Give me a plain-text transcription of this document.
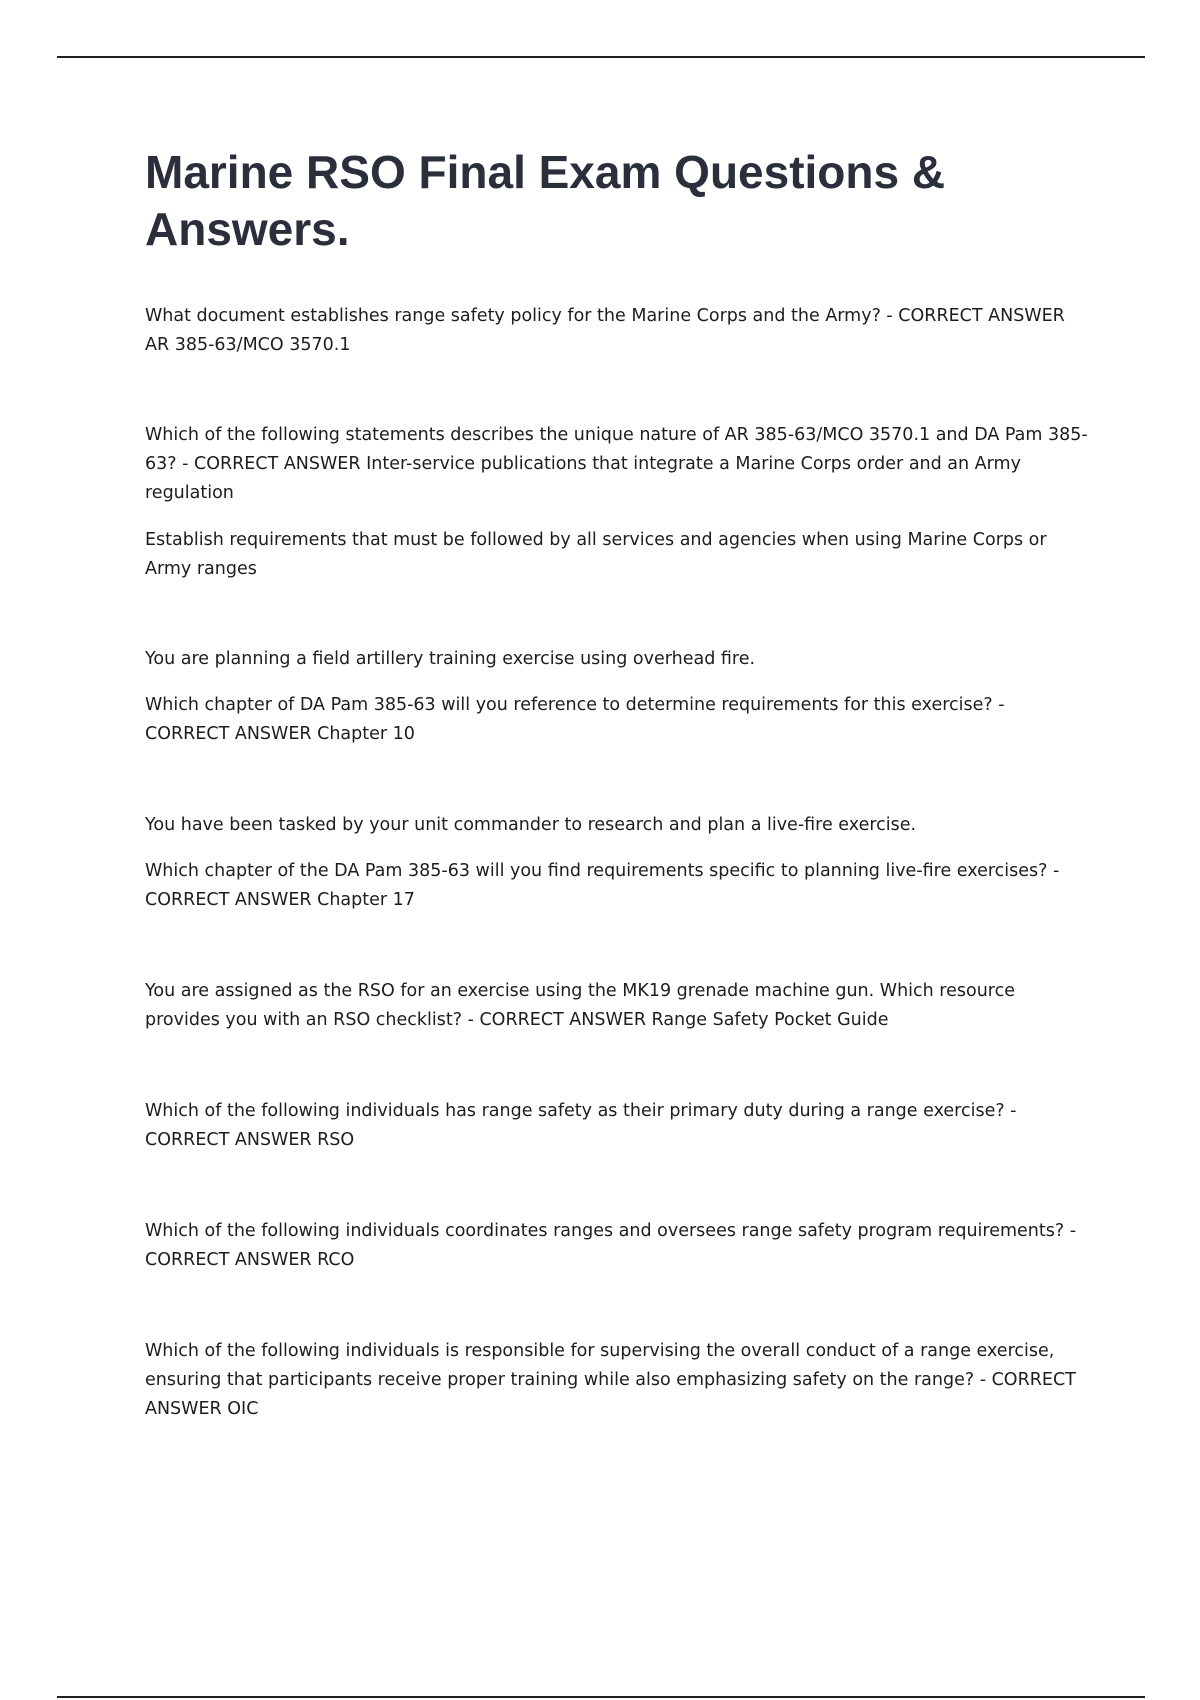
Marine RSO Final Exam Questions & Answers.

What document establishes range safety policy for the Marine Corps and the Army? - CORRECT ANSWER AR 385-63/MCO 3570.1

Which of the following statements describes the unique nature of AR 385-63/MCO 3570.1 and DA Pam 385-63? - CORRECT ANSWER Inter-service publications that integrate a Marine Corps order and an Army regulation

Establish requirements that must be followed by all services and agencies when using Marine Corps or Army ranges

You are planning a field artillery training exercise using overhead fire.

Which chapter of DA Pam 385-63 will you reference to determine requirements for this exercise? - CORRECT ANSWER Chapter 10

You have been tasked by your unit commander to research and plan a live-fire exercise.

Which chapter of the DA Pam 385-63 will you find requirements specific to planning live-fire exercises? - CORRECT ANSWER Chapter 17

You are assigned as the RSO for an exercise using the MK19 grenade machine gun. Which resource provides you with an RSO checklist? - CORRECT ANSWER Range Safety Pocket Guide

Which of the following individuals has range safety as their primary duty during a range exercise? - CORRECT ANSWER RSO

Which of the following individuals coordinates ranges and oversees range safety program requirements? - CORRECT ANSWER RCO

Which of the following individuals is responsible for supervising the overall conduct of a range exercise, ensuring that participants receive proper training while also emphasizing safety on the range? - CORRECT ANSWER OIC
